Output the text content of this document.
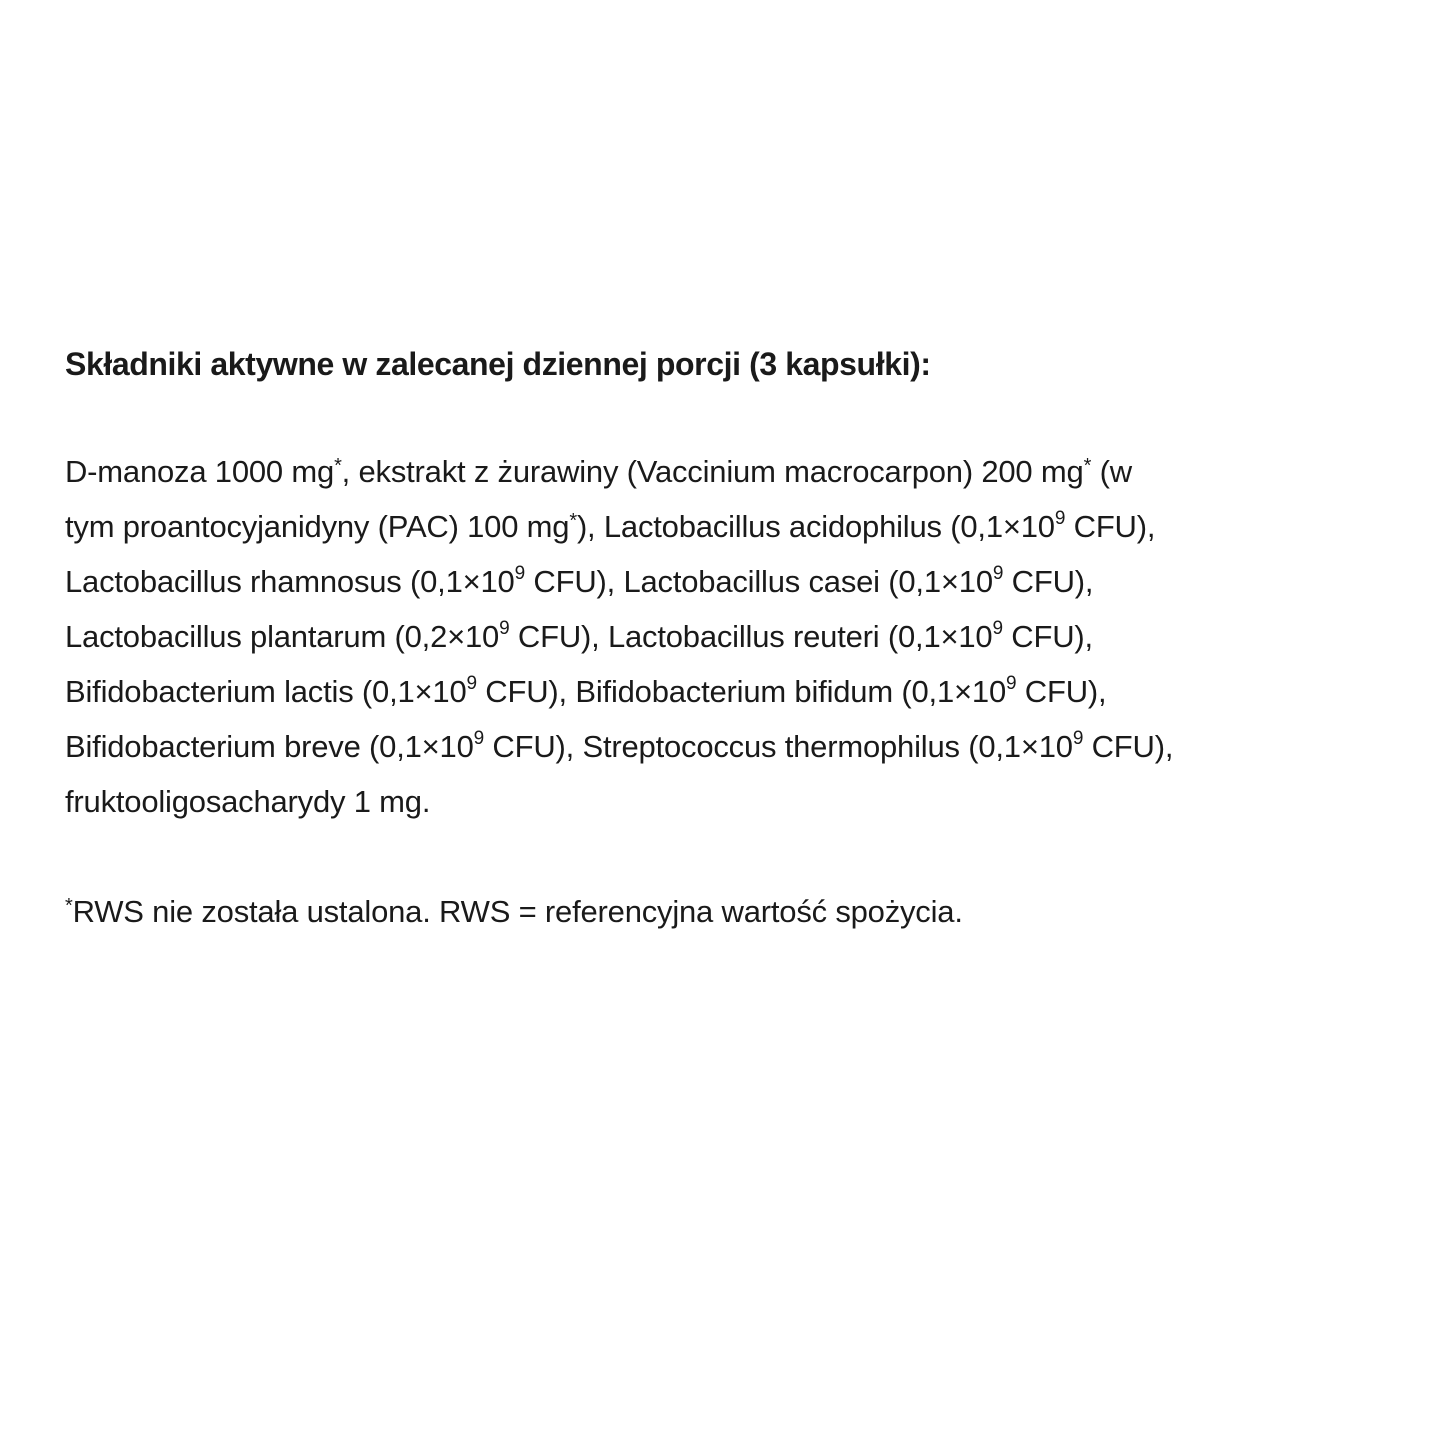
Składniki aktywne w zalecanej dziennej porcji (3 kapsułki):

D-manoza 1000 mg*, ekstrakt z żurawiny (Vaccinium macrocarpon) 200 mg* (w
tym proantocyjanidyny (PAC) 100 mg*), Lactobacillus acidophilus ($0,1\times 10^9$ CFU),
Lactobacillus rhamnosus ($0,1\times 10^9$ CFU), Lactobacillus casei ($0,1\times 10^9$ CFU),
Lactobacillus plantarum ($0,2\times 10^9$ CFU), Lactobacillus reuteri ($0,1\times 10^9$ CFU),
Bifidobacterium lactis ($0,1\times 10^9$ CFU), Bifidobacterium bifidum ($0,1\times 10^9$ CFU),
Bifidobacterium breve ($0,1\times 10^9$ CFU), Streptococcus thermophilus ($0,1\times 10^9$ CFU),
fruktooligosacharydy 1 mg.

*RWS nie została ustalona. RWS = referencyjna wartość spożycia.
